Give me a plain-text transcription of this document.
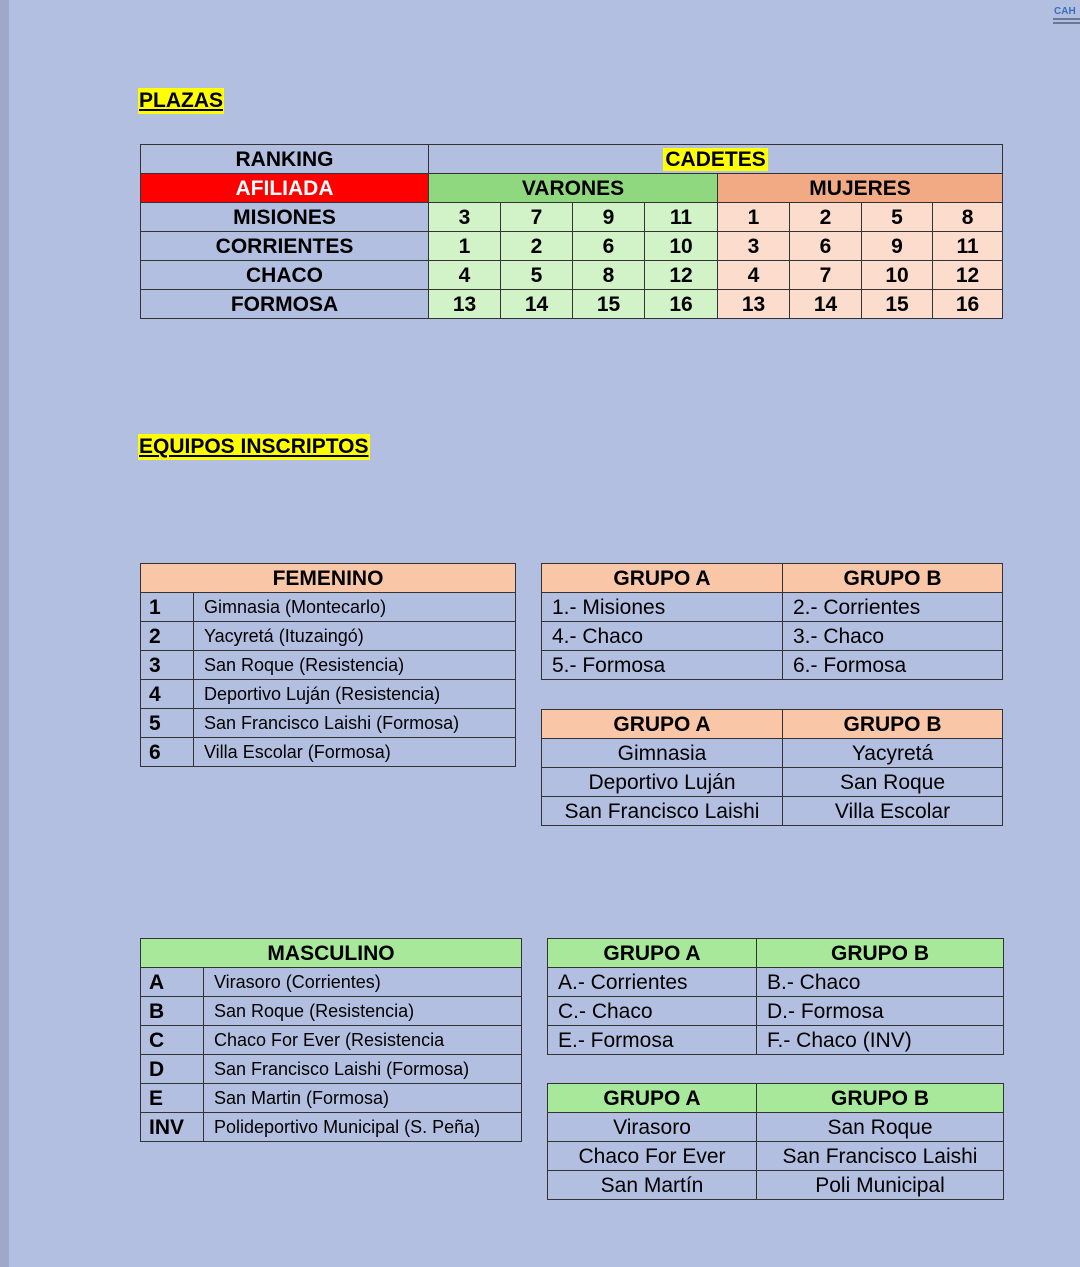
CAH
PLAZAS
RANKING	CADETES							
AFILIADA	VARONES				MUJERES			
MISIONES	3	7	9	11	1	2	5	8
CORRIENTES	1	2	6	10	3	6	9	11
CHACO	4	5	8	12	4	7	10	12
FORMOSA	13	14	15	16	13	14	15	16
EQUIPOS INSCRIPTOS
FEMENINO	
1	Gimnasia (Montecarlo)
2	Yacyretá (Ituzaingó)
3	San Roque (Resistencia)
4	Deportivo Luján (Resistencia)
5	San Francisco Laishi (Formosa)
6	Villa Escolar (Formosa)
GRUPO A	GRUPO B
1.- Misiones	2.- Corrientes
4.- Chaco	3.- Chaco
5.- Formosa	6.- Formosa
GRUPO A	GRUPO B
Gimnasia	Yacyretá
Deportivo Luján	San Roque
San Francisco Laishi	Villa Escolar
MASCULINO	
A	Virasoro (Corrientes)
B	San Roque (Resistencia)
C	Chaco For Ever (Resistencia
D	San Francisco Laishi (Formosa)
E	San Martin (Formosa)
INV	Polideportivo Municipal (S. Peña)
GRUPO A	GRUPO B
A.- Corrientes	B.- Chaco
C.- Chaco	D.- Formosa
E.- Formosa	F.- Chaco (INV)
GRUPO A	GRUPO B
Virasoro	San Roque
Chaco For Ever	San Francisco Laishi
San Martín	Poli Municipal
